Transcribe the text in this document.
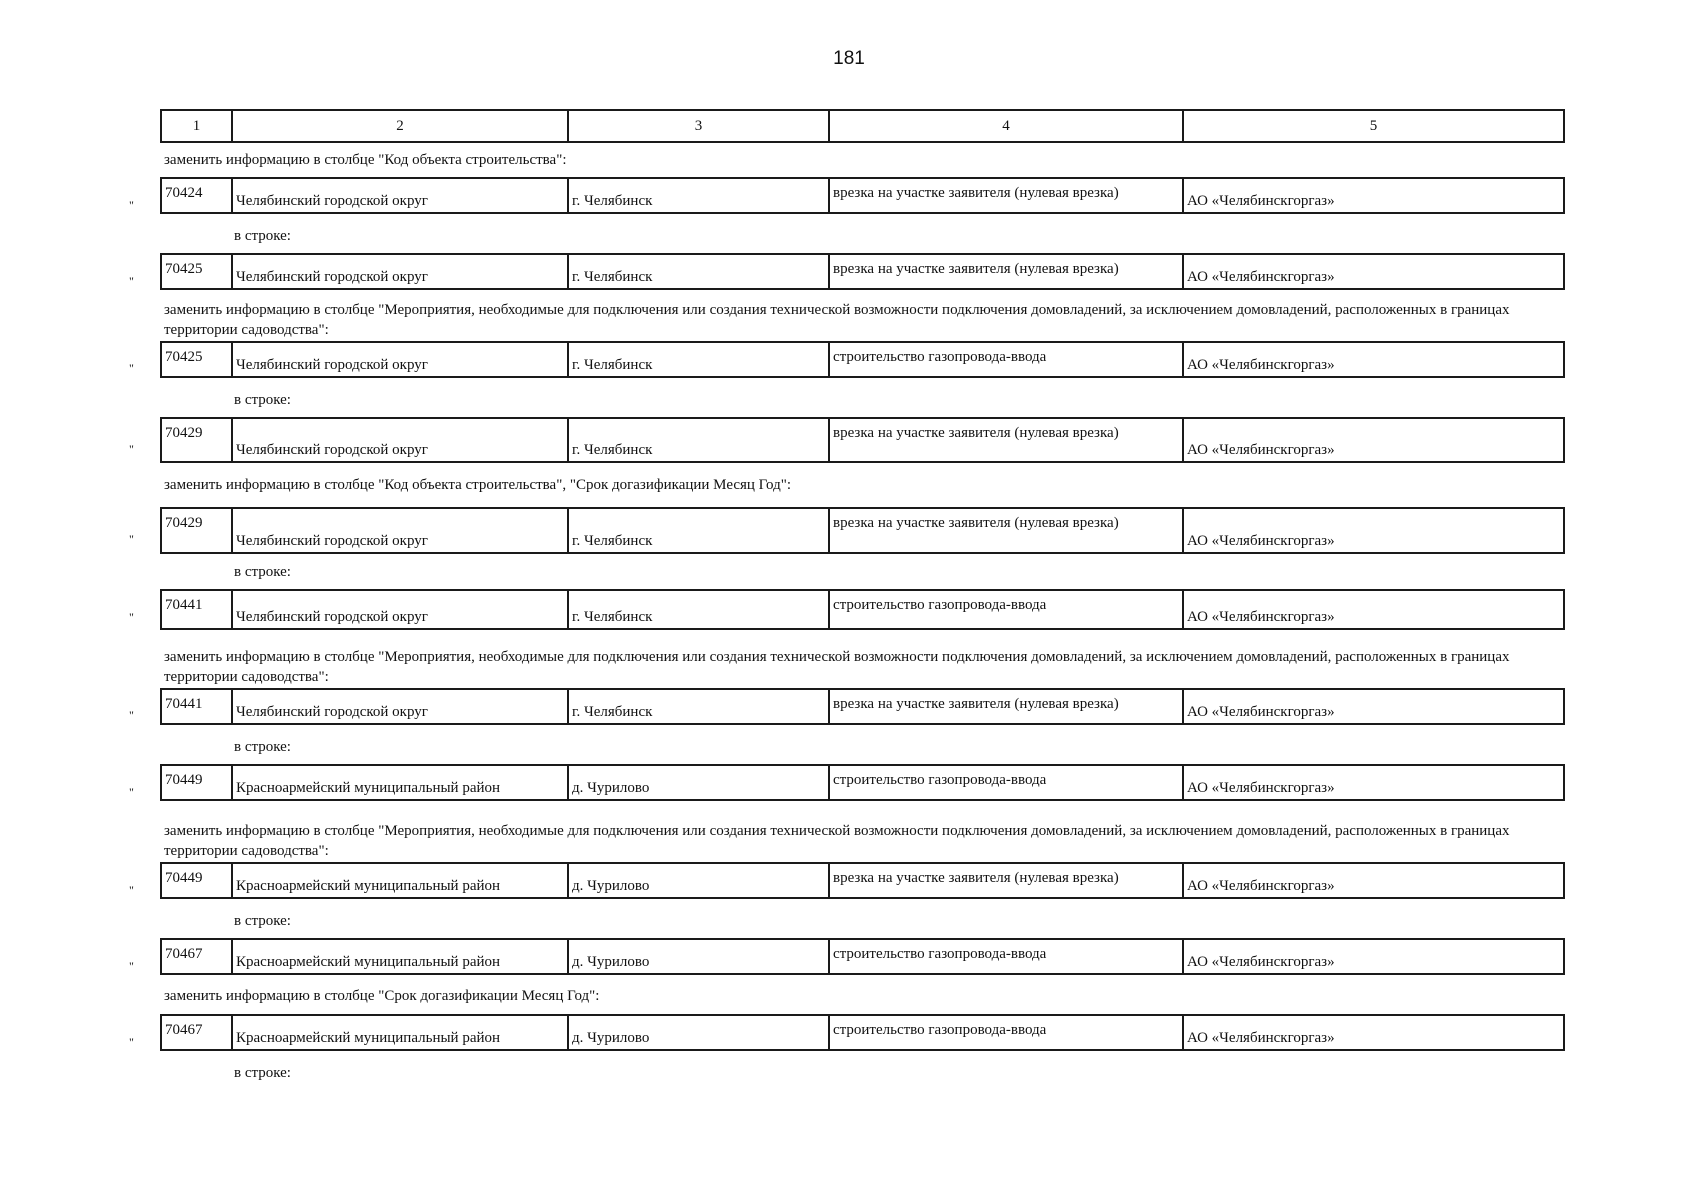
181
1	2	3	4	5
заменить информацию в столбце "Код объекта строительства":
"
70424	Челябинский городской округ	г. Челябинск	врезка на участке заявителя (нулевая врезка)	АО «Челябинскгоргаз»
в строке:
"
70425	Челябинский городской округ	г. Челябинск	врезка на участке заявителя (нулевая врезка)	АО «Челябинскгоргаз»
заменить информацию в столбце "Мероприятия, необходимые для подключения или создания технической возможности подключения домовладений, за исключением домовладений, расположенных в границах территории садоводства":
"
70425	Челябинский городской округ	г. Челябинск	строительство газопровода-ввода	АО «Челябинскгоргаз»
в строке:
"
70429	Челябинский городской округ	г. Челябинск	врезка на участке заявителя (нулевая врезка)	АО «Челябинскгоргаз»
заменить информацию в столбце "Код объекта строительства", "Срок догазификации Месяц Год":
"
70429	Челябинский городской округ	г. Челябинск	врезка на участке заявителя (нулевая врезка)	АО «Челябинскгоргаз»
в строке:
"
70441	Челябинский городской округ	г. Челябинск	строительство газопровода-ввода	АО «Челябинскгоргаз»
заменить информацию в столбце "Мероприятия, необходимые для подключения или создания технической возможности подключения домовладений, за исключением домовладений, расположенных в границах территории садоводства":
"
70441	Челябинский городской округ	г. Челябинск	врезка на участке заявителя (нулевая врезка)	АО «Челябинскгоргаз»
в строке:
"
70449	Красноармейский муниципальный район	д. Чурилово	строительство газопровода-ввода	АО «Челябинскгоргаз»
заменить информацию в столбце "Мероприятия, необходимые для подключения или создания технической возможности подключения домовладений, за исключением домовладений, расположенных в границах территории садоводства":
"
70449	Красноармейский муниципальный район	д. Чурилово	врезка на участке заявителя (нулевая врезка)	АО «Челябинскгоргаз»
в строке:
"
70467	Красноармейский муниципальный район	д. Чурилово	строительство газопровода-ввода	АО «Челябинскгоргаз»
заменить информацию в столбце "Срок догазификации Месяц Год":
"
70467	Красноармейский муниципальный район	д. Чурилово	строительство газопровода-ввода	АО «Челябинскгоргаз»
в строке:
